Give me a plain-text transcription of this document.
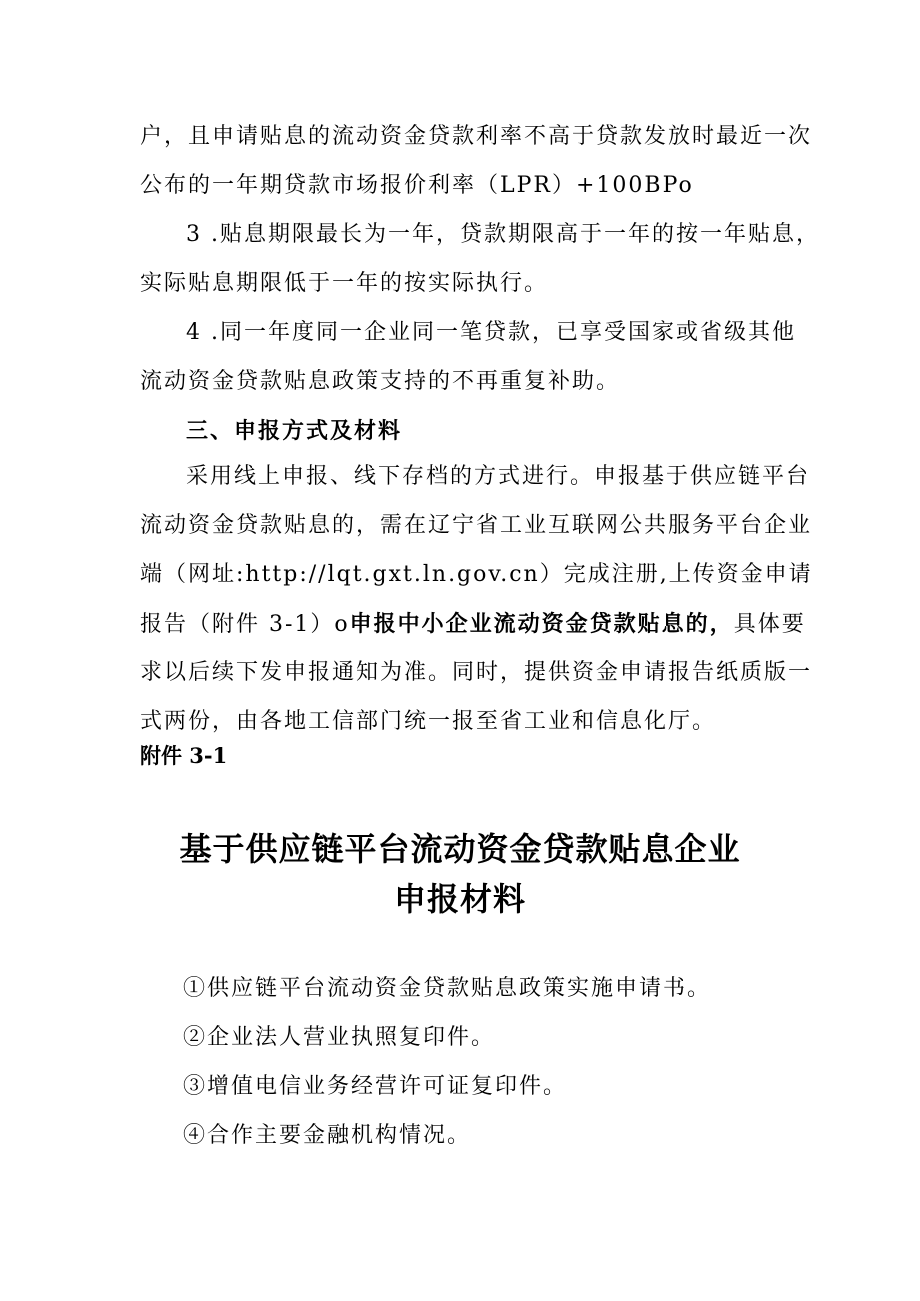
户，且申请贴息的流动资金贷款利率不高于贷款发放时最近一次
公布的一年期贷款市场报价利率（LPR）+100BPo
3 .贴息期限最长为一年，贷款期限高于一年的按一年贴息，
实际贴息期限低于一年的按实际执行。
4 .同一年度同一企业同一笔贷款，已享受国家或省级其他
流动资金贷款贴息政策支持的不再重复补助。
三、申报方式及材料
采用线上申报、线下存档的方式进行。申报基于供应链平台
流动资金贷款贴息的，需在辽宁省工业互联网公共服务平台企业
端（网址:http://lqt.gxt.ln.gov.cn）完成注册,上传资金申请
报告（附件 3-1）o申报中小企业流动资金贷款贴息的，具体要
求以后续下发申报通知为准。同时，提供资金申请报告纸质版一
式两份，由各地工信部门统一报至省工业和信息化厅。
附件 3-1
基于供应链平台流动资金贷款贴息企业
申报材料
①供应链平台流动资金贷款贴息政策实施申请书。
②企业法人营业执照复印件。
③增值电信业务经营许可证复印件。
④合作主要金融机构情况。
